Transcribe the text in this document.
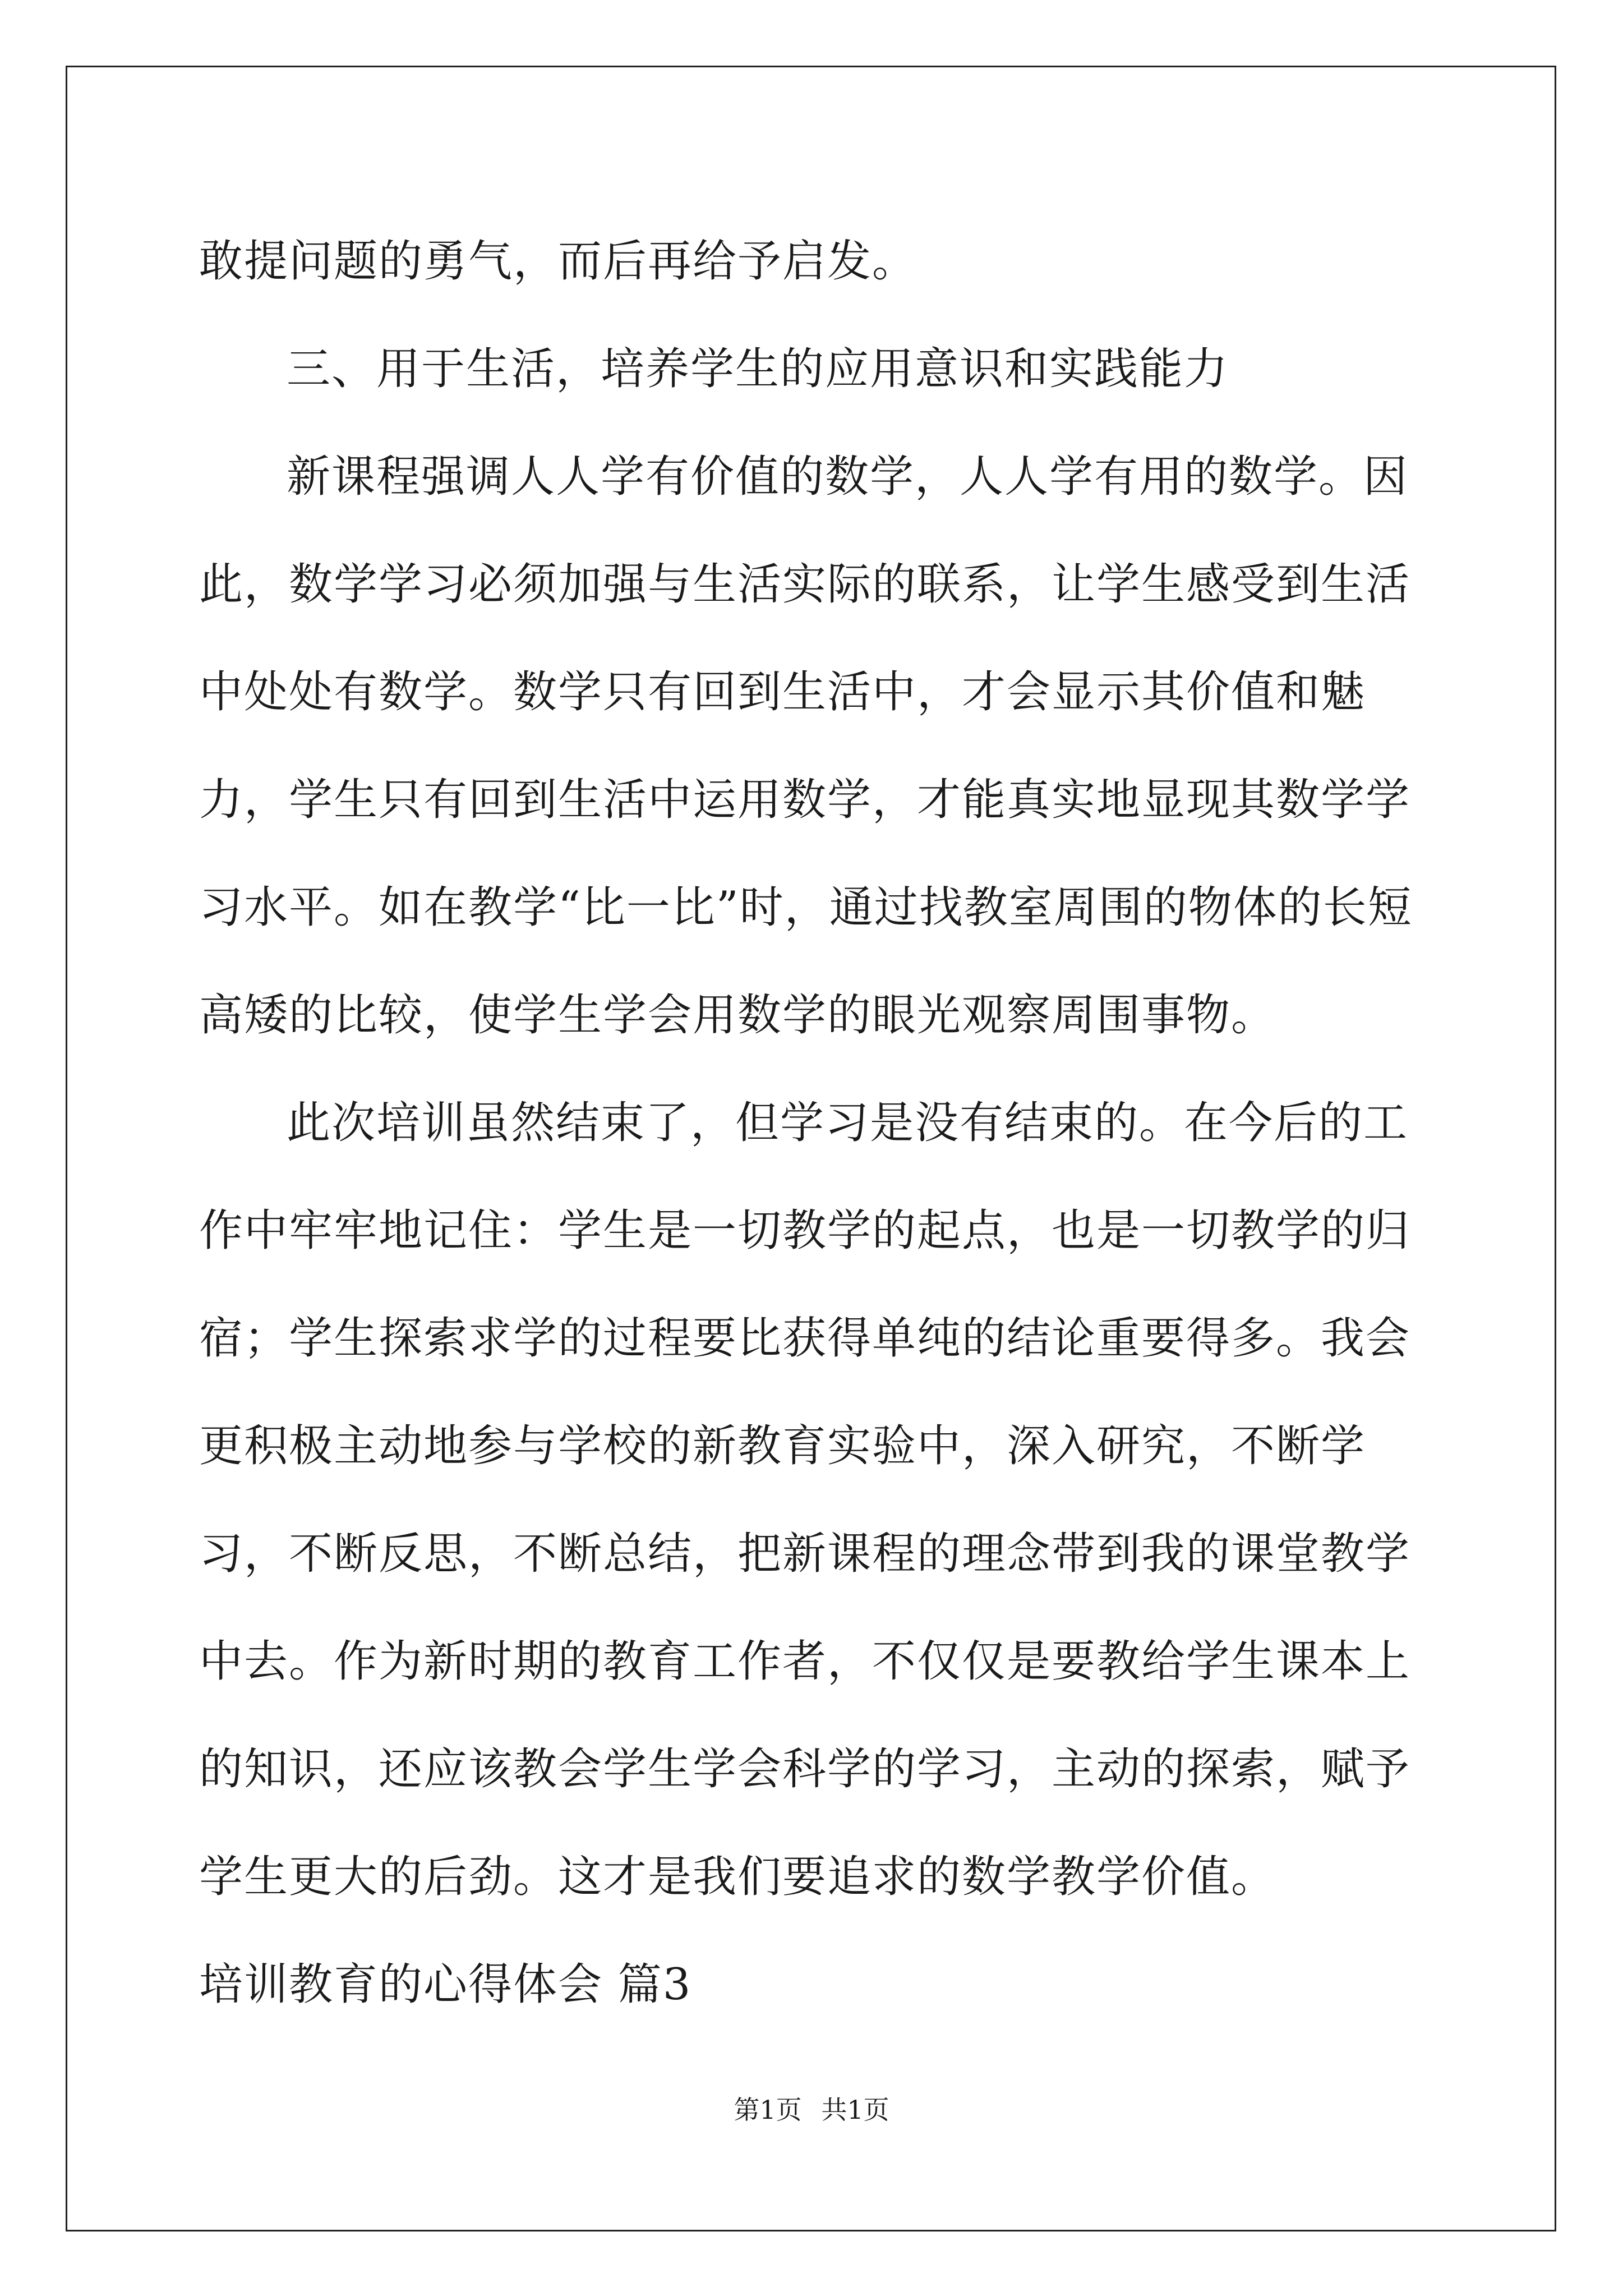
敢提问题的勇气，而后再给予启发。

三、用于生活，培养学生的应用意识和实践能力

新课程强调人人学有价值的数学，人人学有用的数学。因此，数学学习必须加强与生活实际的联系，让学生感受到生活中处处有数学。数学只有回到生活中，才会显示其价值和魅力，学生只有回到生活中运用数学，才能真实地显现其数学学习水平。如在教学“比一比”时，通过找教室周围的物体的长短高矮的比较，使学生学会用数学的眼光观察周围事物。

此次培训虽然结束了，但学习是没有结束的。在今后的工作中牢牢地记住：学生是一切教学的起点，也是一切教学的归宿；学生探索求学的过程要比获得单纯的结论重要得多。我会更积极主动地参与学校的新教育实验中，深入研究，不断学习，不断反思，不断总结，把新课程的理念带到我的课堂教学中去。作为新时期的教育工作者，不仅仅是要教给学生课本上的知识，还应该教会学生学会科学的学习，主动的探索，赋予学生更大的后劲。这才是我们要追求的数学教学价值。

培训教育的心得体会 篇3

第1页 共1页
